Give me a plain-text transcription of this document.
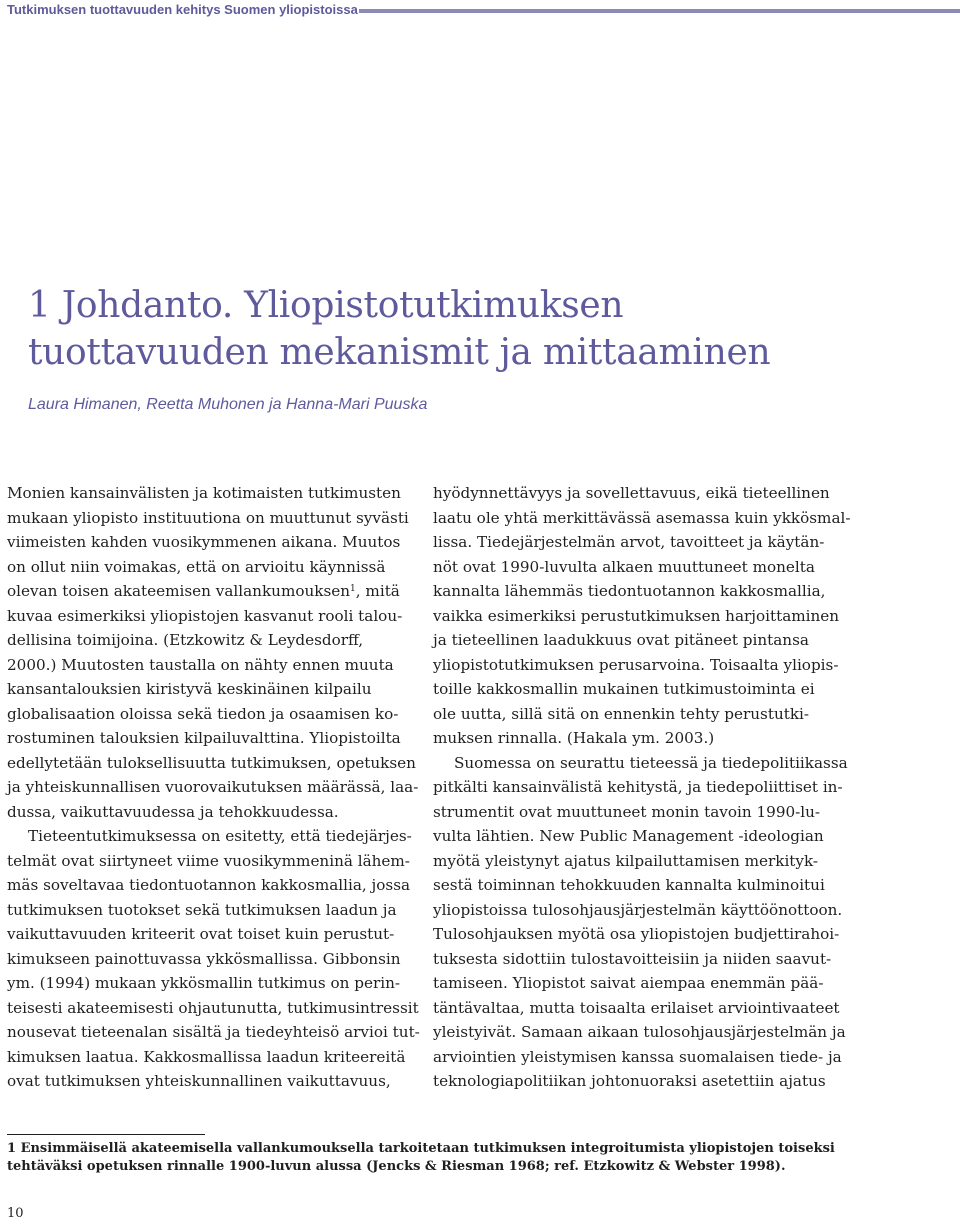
Tutkimuksen tuottavuuden kehitys Suomen yliopistoissa
1 Johdanto. Yliopistotutkimuksen
tuottavuuden mekanismit ja mittaaminen
Laura Himanen, Reetta Muhonen ja Hanna-Mari Puuska
Monien kansainvälisten ja kotimaisten tutkimusten
mukaan yliopisto instituutiona on muuttunut syvästi
viimeisten kahden vuosikymmenen aikana. Muutos
on ollut niin voimakas, että on arvioitu käynnissä
olevan toisen akateemisen vallankumouksen$^1$, mitä
kuvaa esimerkiksi yliopistojen kasvanut rooli talou-
dellisina toimijoina. (Etzkowitz & Leydesdorff,
2000.) Muutosten taustalla on nähty ennen muuta
kansantalouksien kiristyvä keskinäinen kilpailu
globalisaation oloissa sekä tiedon ja osaamisen ko-
rostuminen talouksien kilpailuvalttina. Yliopistoilta
edellytetään tuloksellisuutta tutkimuksen, opetuksen
ja yhteiskunnallisen vuorovaikutuksen määrässä, laa-
dussa, vaikuttavuudessa ja tehokkuudessa.
Tieteentutkimuksessa on esitetty, että tiedejärjes-
telmät ovat siirtyneet viime vuosikymmeninä lähem-
mäs soveltavaa tiedontuotannon kakkosmallia, jossa
tutkimuksen tuotokset sekä tutkimuksen laadun ja
vaikuttavuuden kriteerit ovat toiset kuin perustut-
kimukseen painottuvassa ykkösmallissa. Gibbonsin
ym. (1994) mukaan ykkösmallin tutkimus on perin-
teisesti akateemisesti ohjautunutta, tutkimusintressit
nousevat tieteenalan sisältä ja tiedeyhteisö arvioi tut-
kimuksen laatua. Kakkosmallissa laadun kriteereitä
ovat tutkimuksen yhteiskunnallinen vaikuttavuus,
hyödynnettävyys ja sovellettavuus, eikä tieteellinen
laatu ole yhtä merkittävässä asemassa kuin ykkösmal-
lissa. Tiedejärjestelmän arvot, tavoitteet ja käytän-
nöt ovat 1990-luvulta alkaen muuttuneet monelta
kannalta lähemmäs tiedontuotannon kakkosmallia,
vaikka esimerkiksi perustutkimuksen harjoittaminen
ja tieteellinen laadukkuus ovat pitäneet pintansa
yliopistotutkimuksen perusarvoina. Toisaalta yliopis-
toille kakkosmallin mukainen tutkimustoiminta ei
ole uutta, sillä sitä on ennenkin tehty perustutki-
muksen rinnalla. (Hakala ym. 2003.)
Suomessa on seurattu tieteessä ja tiedepolitiikassa
pitkälti kansainvälistä kehitystä, ja tiedepoliittiset in-
strumentit ovat muuttuneet monin tavoin 1990-lu-
vulta lähtien. New Public Management -ideologian
myötä yleistynyt ajatus kilpailuttamisen merkityk-
sestä toiminnan tehokkuuden kannalta kulminoitui
yliopistoissa tulosohjausjärjestelmän käyttöönottoon.
Tulosohjauksen myötä osa yliopistojen budjettirahoi-
tuksesta sidottiin tulostavoitteisiin ja niiden saavut-
tamiseen. Yliopistot saivat aiempaa enemmän pää-
täntävaltaa, mutta toisaalta erilaiset arviointivaateet
yleistyivät. Samaan aikaan tulosohjausjärjestelmän ja
arviointien yleistymisen kanssa suomalaisen tiede- ja
teknologiapolitiikan johtonuoraksi asetettiin ajatus
1 Ensimmäisellä akateemisella vallankumouksella tarkoitetaan tutkimuksen integroitumista yliopistojen toiseksi
tehtäväksi opetuksen rinnalle 1900-luvun alussa (Jencks & Riesman 1968; ref. Etzkowitz & Webster 1998).
10
